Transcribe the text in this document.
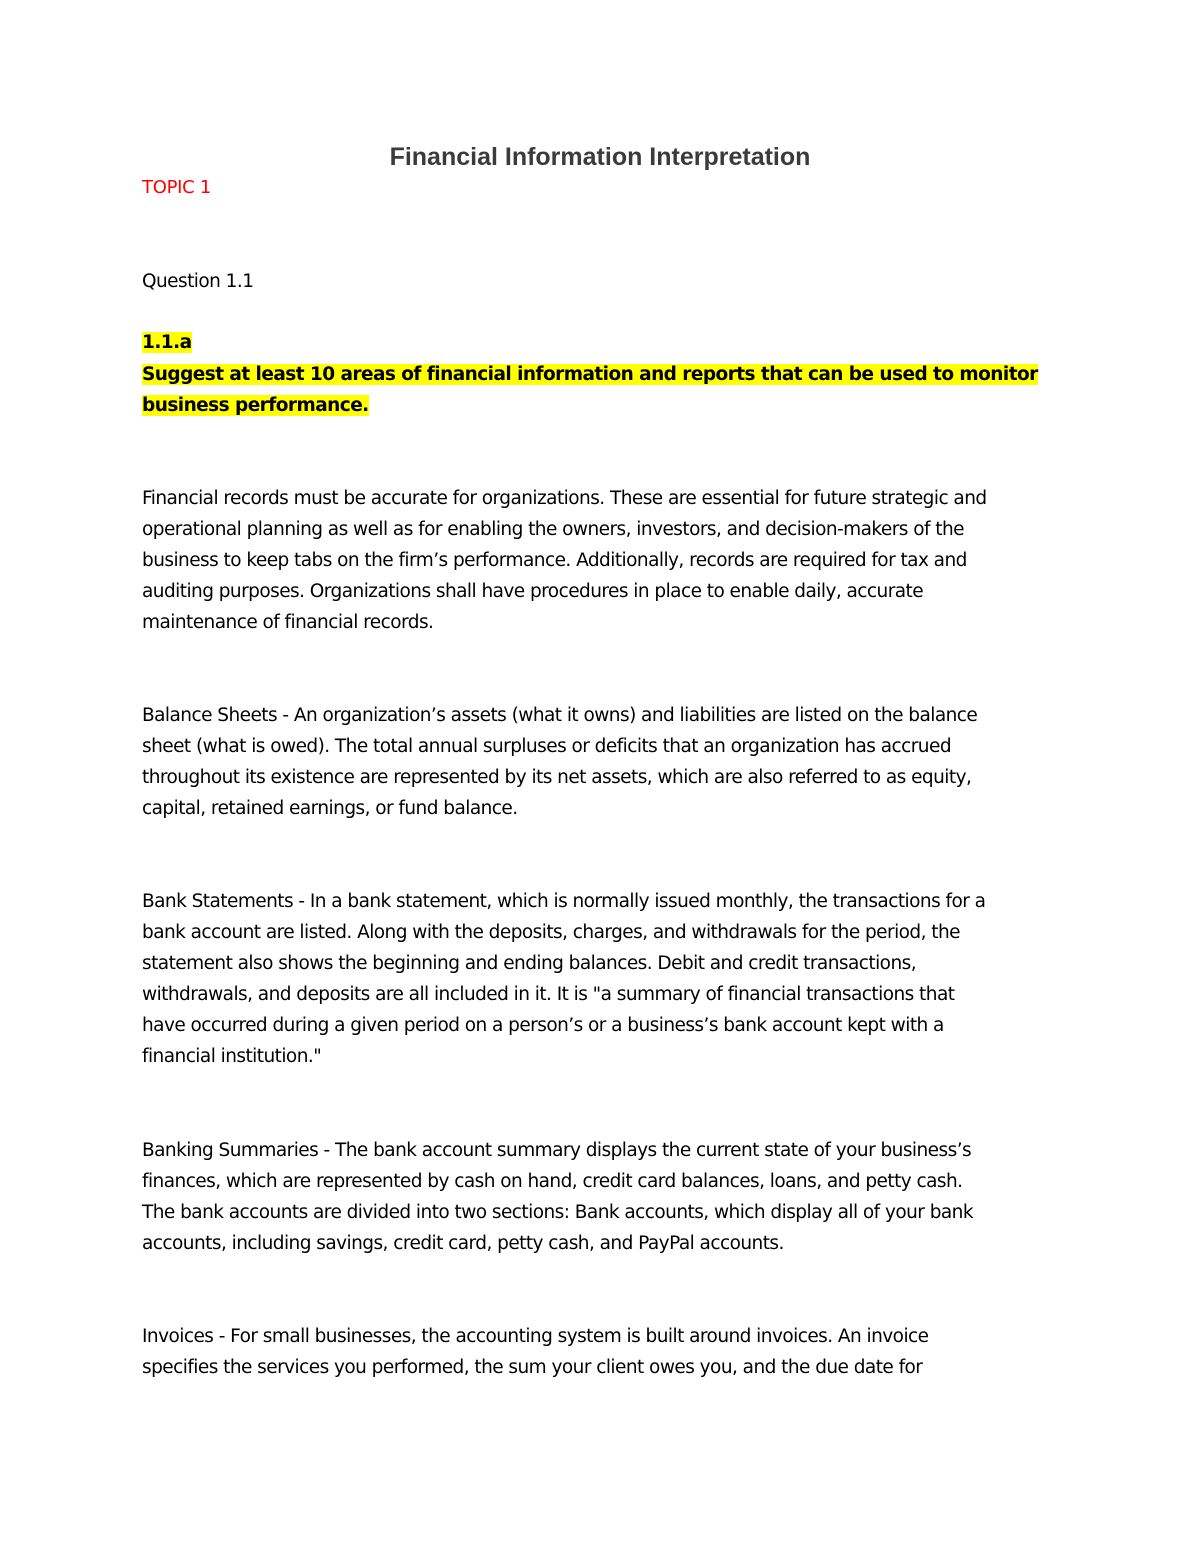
Financial Information Interpretation

TOPIC 1

Question 1.1

1.1.a

Suggest at least 10 areas of financial information and reports that can be used to monitor
business performance.

Financial records must be accurate for organizations. These are essential for future strategic and
operational planning as well as for enabling the owners, investors, and decision-makers of the
business to keep tabs on the firm’s performance. Additionally, records are required for tax and
auditing purposes. Organizations shall have procedures in place to enable daily, accurate
maintenance of financial records.

Balance Sheets - An organization’s assets (what it owns) and liabilities are listed on the balance
sheet (what is owed). The total annual surpluses or deficits that an organization has accrued
throughout its existence are represented by its net assets, which are also referred to as equity,
capital, retained earnings, or fund balance.

Bank Statements - In a bank statement, which is normally issued monthly, the transactions for a
bank account are listed. Along with the deposits, charges, and withdrawals for the period, the
statement also shows the beginning and ending balances. Debit and credit transactions,
withdrawals, and deposits are all included in it. It is "a summary of financial transactions that
have occurred during a given period on a person’s or a business’s bank account kept with a
financial institution."

Banking Summaries - The bank account summary displays the current state of your business’s
finances, which are represented by cash on hand, credit card balances, loans, and petty cash.
The bank accounts are divided into two sections: Bank accounts, which display all of your bank
accounts, including savings, credit card, petty cash, and PayPal accounts.

Invoices - For small businesses, the accounting system is built around invoices. An invoice
specifies the services you performed, the sum your client owes you, and the due date for
